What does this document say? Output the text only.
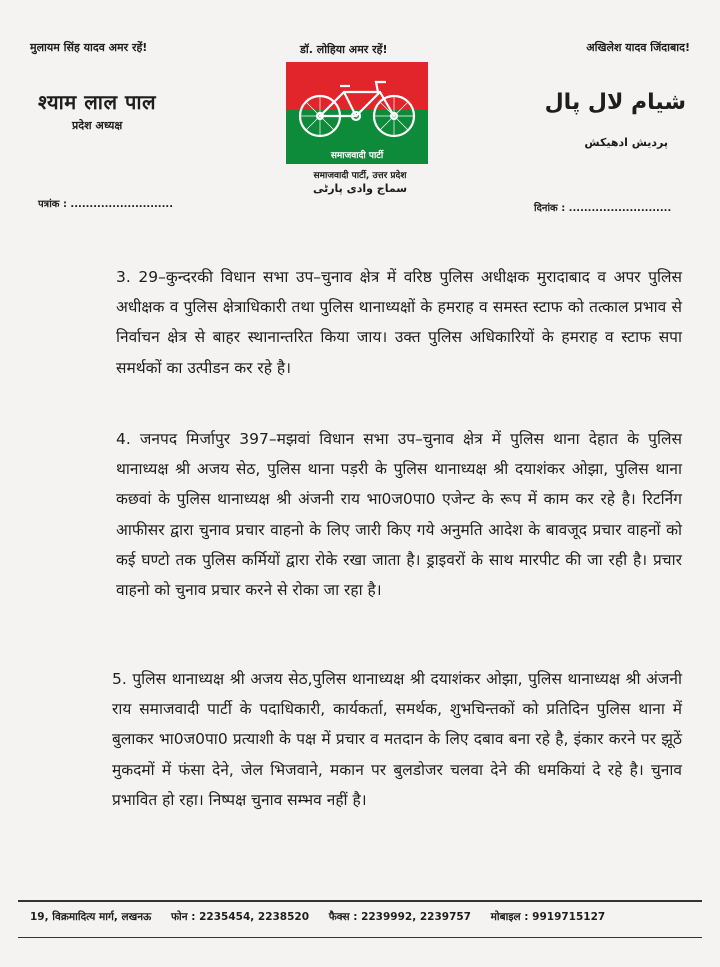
मुलायम सिंह यादव अमर रहें!	डॉ. लोहिया अमर रहें!	अखिलेश यादव जिंदाबाद!
श्याम लाल पाल
प्रदेश अध्यक्ष
شیام لال پال
پردیش ادھیکش
समाजवादी पार्टी
समाजवादी पार्टी, उत्तर प्रदेश
سماج وادی پارٹی
पत्रांक : ...........................	दिनांक : ...........................
3. 29–कुन्दरकी विधान सभा उप–चुनाव क्षेत्र में वरिष्ठ पुलिस अधीक्षक मुरादाबाद व अपर पुलिस अधीक्षक व पुलिस क्षेत्राधिकारी तथा पुलिस थानाध्यक्षों के हमराह व समस्त स्टाफ को तत्काल प्रभाव से निर्वाचन क्षेत्र से बाहर स्थानान्तरित किया जाय। उक्त पुलिस अधिकारियों के हमराह व स्टाफ सपा समर्थकों का उत्पीडन कर रहे है।
4. जनपद मिर्जापुर 397–मझवां विधान सभा उप–चुनाव क्षेत्र में पुलिस थाना देहात के पुलिस थानाध्यक्ष श्री अजय सेठ, पुलिस थाना पड़री के पुलिस थानाध्यक्ष श्री दयाशंकर ओझा, पुलिस थाना कछवां के पुलिस थानाध्यक्ष श्री अंजनी राय भा0ज0पा0 एजेन्ट के रूप में काम कर रहे है। रिटर्निग आफीसर द्वारा चुनाव प्रचार वाहनो के लिए जारी किए गये अनुमति आदेश के बावजूद प्रचार वाहनों को कई घण्टो तक पुलिस कर्मियों द्वारा रोके रखा जाता है। ड्राइवरों के साथ मारपीट की जा रही है। प्रचार वाहनो को चुनाव प्रचार करने से रोका जा रहा है।
5. पुलिस थानाध्यक्ष श्री अजय सेठ,पुलिस थानाध्यक्ष श्री दयाशंकर ओझा, पुलिस थानाध्यक्ष श्री अंजनी राय समाजवादी पार्टी के पदाधिकारी, कार्यकर्ता, समर्थक, शुभचिन्तकों को प्रतिदिन पुलिस थाना में बुलाकर भा0ज0पा0 प्रत्याशी के पक्ष में प्रचार व मतदान के लिए दबाव बना रहे है, इंकार करने पर झूठें मुकदमों में फंसा देने, जेल भिजवाने, मकान पर बुलडोजर चलवा देने की धमकियां दे रहे है। चुनाव प्रभावित हो रहा। निष्पक्ष चुनाव सम्भव नहीं है।
19, विक्रमादित्य मार्ग, लखनऊ फोन : 2235454, 2238520 फैक्स : 2239992, 2239757 मोबाइल : 9919715127
